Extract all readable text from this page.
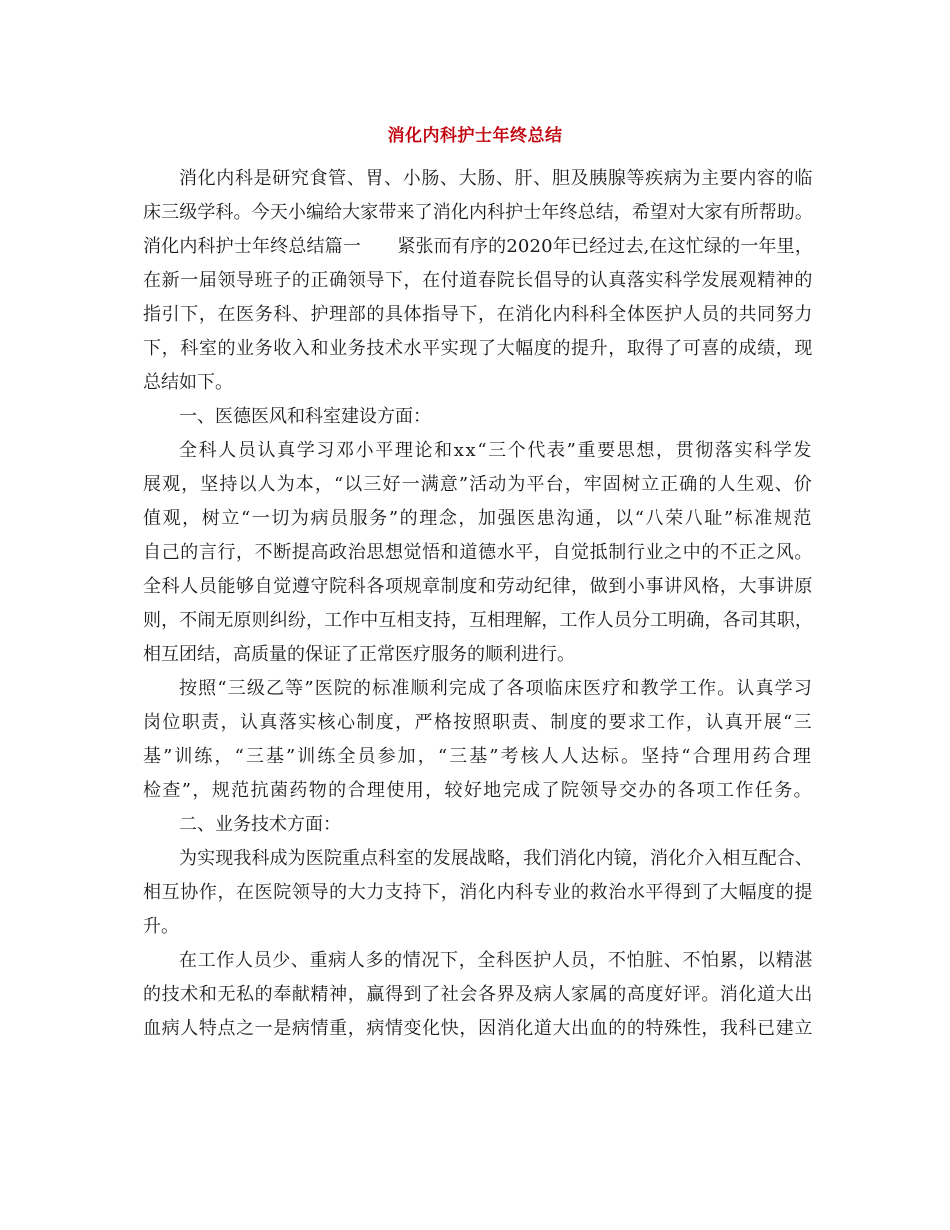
消化内科护士年终总结
消化内科是研究食管、胃、小肠、大肠、肝、胆及胰腺等疾病为主要内容的临
床三级学科。今天小编给大家带来了消化内科护士年终总结，希望对大家有所帮助。
消化内科护士年终总结篇一　　紧张而有序的2020年已经过去,在这忙绿的一年里，
在新一届领导班子的正确领导下，在付道春院长倡导的认真落实科学发展观精神的
指引下，在医务科、护理部的具体指导下，在消化内科科全体医护人员的共同努力
下，科室的业务收入和业务技术水平实现了大幅度的提升，取得了可喜的成绩，现
总结如下。
一、医德医风和科室建设方面：
全科人员认真学习邓小平理论和xx“三个代表”重要思想，贯彻落实科学发
展观，坚持以人为本，“以三好一满意”活动为平台，牢固树立正确的人生观、价
值观，树立“一切为病员服务”的理念，加强医患沟通，以“八荣八耻”标准规范
自己的言行，不断提高政治思想觉悟和道德水平，自觉抵制行业之中的不正之风。
全科人员能够自觉遵守院科各项规章制度和劳动纪律，做到小事讲风格，大事讲原
则，不闹无原则纠纷，工作中互相支持，互相理解，工作人员分工明确，各司其职，
相互团结，高质量的保证了正常医疗服务的顺利进行。
按照“三级乙等”医院的标准顺利完成了各项临床医疗和教学工作。认真学习
岗位职责，认真落实核心制度，严格按照职责、制度的要求工作，认真开展“三
基”训练，“三基”训练全员参加，“三基”考核人人达标。坚持“合理用药合理
检查”，规范抗菌药物的合理使用，较好地完成了院领导交办的各项工作任务。
二、业务技术方面：
为实现我科成为医院重点科室的发展战略，我们消化内镜，消化介入相互配合、
相互协作，在医院领导的大力支持下，消化内科专业的救治水平得到了大幅度的提
升。
在工作人员少、重病人多的情况下，全科医护人员，不怕脏、不怕累，以精湛
的技术和无私的奉献精神，赢得到了社会各界及病人家属的高度好评。消化道大出
血病人特点之一是病情重，病情变化快，因消化道大出血的的特殊性，我科已建立
